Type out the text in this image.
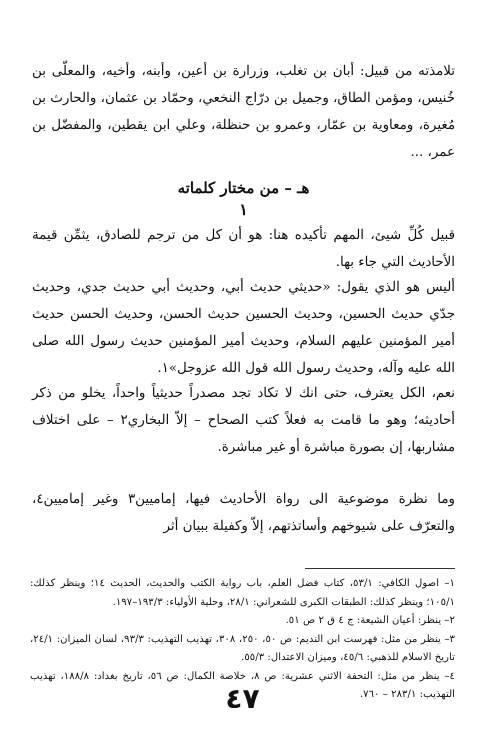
تلامذته من قبيل: أبان بن تغلب، وزرارة بن أعين، وأبنه، وأخيه، والمعلّى بن خُنيس، ومؤمن الطاق، وجميل بن درّاج النخعي، وحمّاد بن عثمان، والحارث بن مُغيرة، ومعاوية بن عمّار، وعمرو بن حنظلة، وعلي ابن يقطين، والمفضّل بن عمر، ...

هـ – من مختار كلماته
١

قبيل كُلِّ شيئ، المهم تأكيده هنا: هو أن كل من ترجم للصادق، يثمِّن قيمة الأحاديث التي جاء بها.

أليس هو الذي يقول: «حديثي حديث أبي، وحديث أبي حديث جدي، وحديث جدّي حديث الحسين، وحديث الحسين حديث الحسن، وحديث الحسن حديث أمير المؤمنين عليهم السلام، وحديث أمير المؤمنين حديث رسول الله صلى الله عليه وآله، وحديث رسول الله قول الله عزوجل»١.

نعم، الكل يعترف، حتى انك لا تكاد تجد مصدراً حديثياً واحداً، يخلو من ذكر أحاديثه؛ وهو ما قامت به فعلاً كتب الصحاح – إلاّ البخاري٢ – على اختلاف مشاربها، إن بصورة مباشرة أو غير مباشرة.

وما نظرة موضوعية الى رواة الأحاديث فيها، إماميين٣ وغير إماميين٤، والتعرّف على شيوخهم وأساتذتهم، إلاّ وكفيلة ببيان أثر

١– اصول الكافي: ٥٣/١، كتاب فضل العلم، باب رواية الكتب والحديث، الحديث ١٤؛ وينظر كذلك: ١٠٥/١؛ وينظر كذلك: الطبقات الكبرى للشعراني: ٢٨/١، وحلية الأولياء: ١٩٣/٣–١٩٧.
٢– ينظر: أعيان الشيعة: ج ٤ ق ٢ ص ٥١.
٣– ينظر من مثل: فهرست ابن النديم: ص ٥٠، ٢٥٠، ٣٠٨، تهذيب التهذيب: ٩٣/٣، لسان الميزان: ٢٤/١، تاريخ الاسلام للذهبي: ٤٥/٦، وميزان الاعتدال: ٥٥/٣.
٤– ينظر من مثل: التحفة الاثني عشرية: ص ٨، خلاصة الكمال: ص ٥٦، تاريخ بغداد: ١٨٨/٨، تهذيب التهذيب: ٢٨٣/١ – ٧٦٠.
٤٧
